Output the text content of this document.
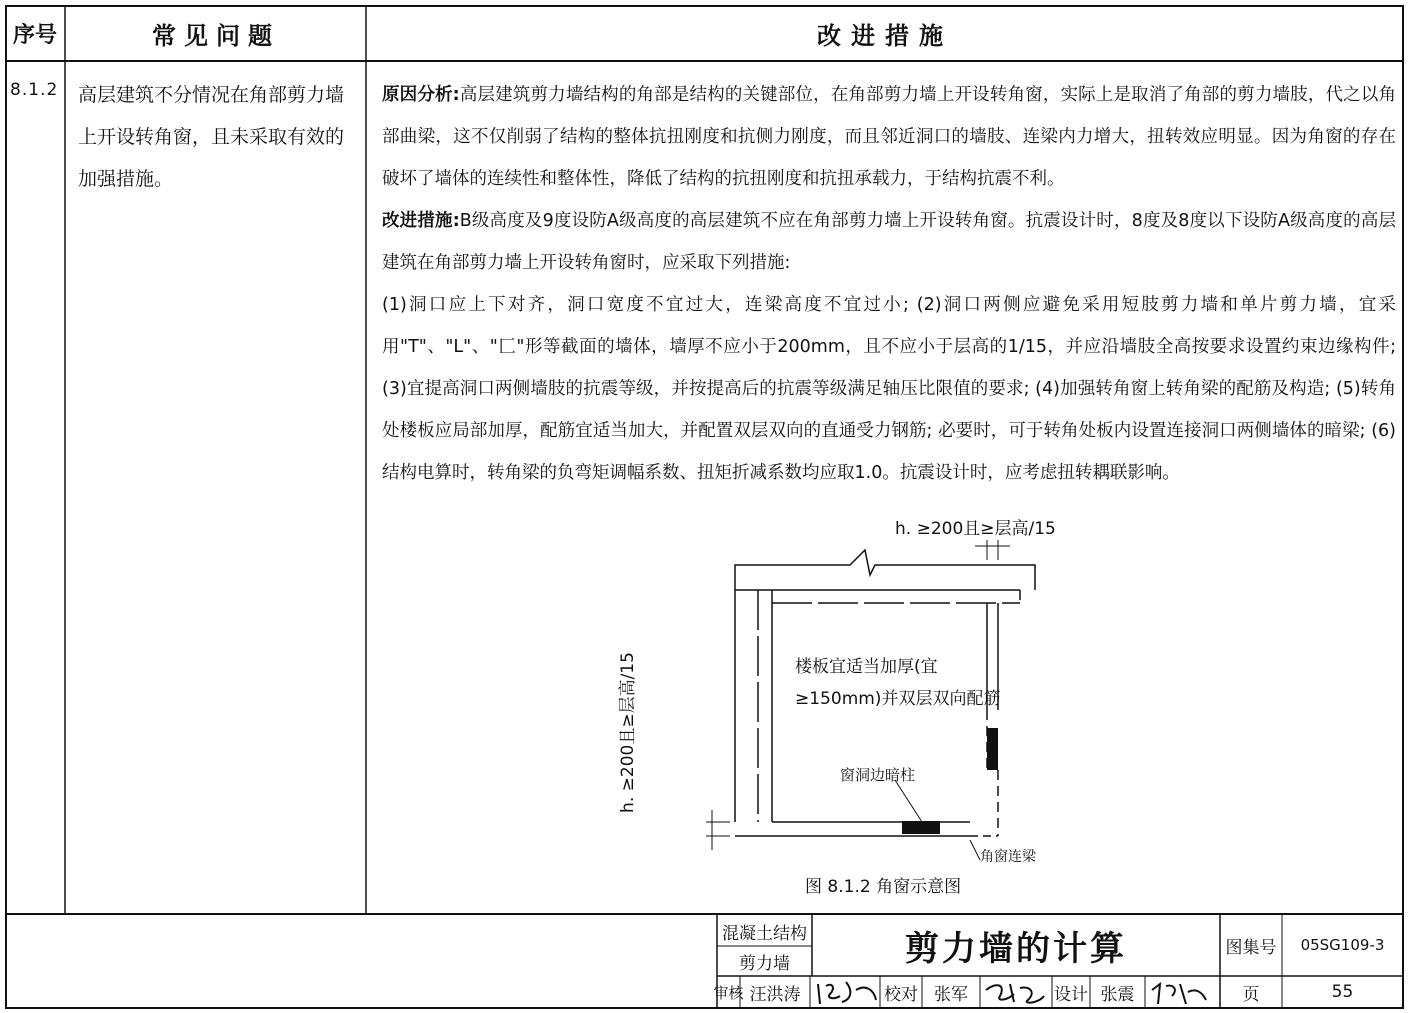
序号	常见问题	改进措施
8.1.2 高层建筑不分情况在角部剪力墙上开设转角窗，且未采取有效的加强措施。

原因分析:高层建筑剪力墙结构的角部是结构的关键部位，在角部剪力墙上开设转角窗，实际上是取消了角部的剪力墙肢，代之以角部曲梁，这不仅削弱了结构的整体抗扭刚度和抗侧力刚度，而且邻近洞口的墙肢、连梁内力增大，扭转效应明显。因为角窗的存在破坏了墙体的连续性和整体性，降低了结构的抗扭刚度和抗扭承载力，于结构抗震不利。

改进措施:B级高度及9度设防A级高度的高层建筑不应在角部剪力墙上开设转角窗。抗震设计时，8度及8度以下设防A级高度的高层建筑在角部剪力墙上开设转角窗时，应采取下列措施:

(1)洞口应上下对齐，洞口宽度不宜过大，连梁高度不宜过小; (2)洞口两侧应避免采用短肢剪力墙和单片剪力墙，宜采用"T"、"L"、"匚"形等截面的墙体，墙厚不应小于200mm，且不应小于层高的1/15，并应沿墙肢全高按要求设置约束边缘构件; (3)宜提高洞口两侧墙肢的抗震等级，并按提高后的抗震等级满足轴压比限值的要求; (4)加强转角窗上转角梁的配筋及构造; (5)转角处楼板应局部加厚，配筋宜适当加大，并配置双层双向的直通受力钢筋; 必要时，可于转角处板内设置连接洞口两侧墙体的暗梁; (6)结构电算时，转角梁的负弯矩调幅系数、扭矩折减系数均应取1.0。抗震设计时，应考虑扭转耦联影响。

h. ≥200且≥层高/15
h. ≥200且≥层高/15	楼板宜适当加厚(宜
≥150mm)并双层双向配筋
窗洞边暗柱
角窗连梁
图 8.1.2 角窗示意图
混凝土结构
剪力墙	剪力墙的计算	图集号	05SG109-3
审核 汪洪涛	校对 张军	设计 张震	页	55
